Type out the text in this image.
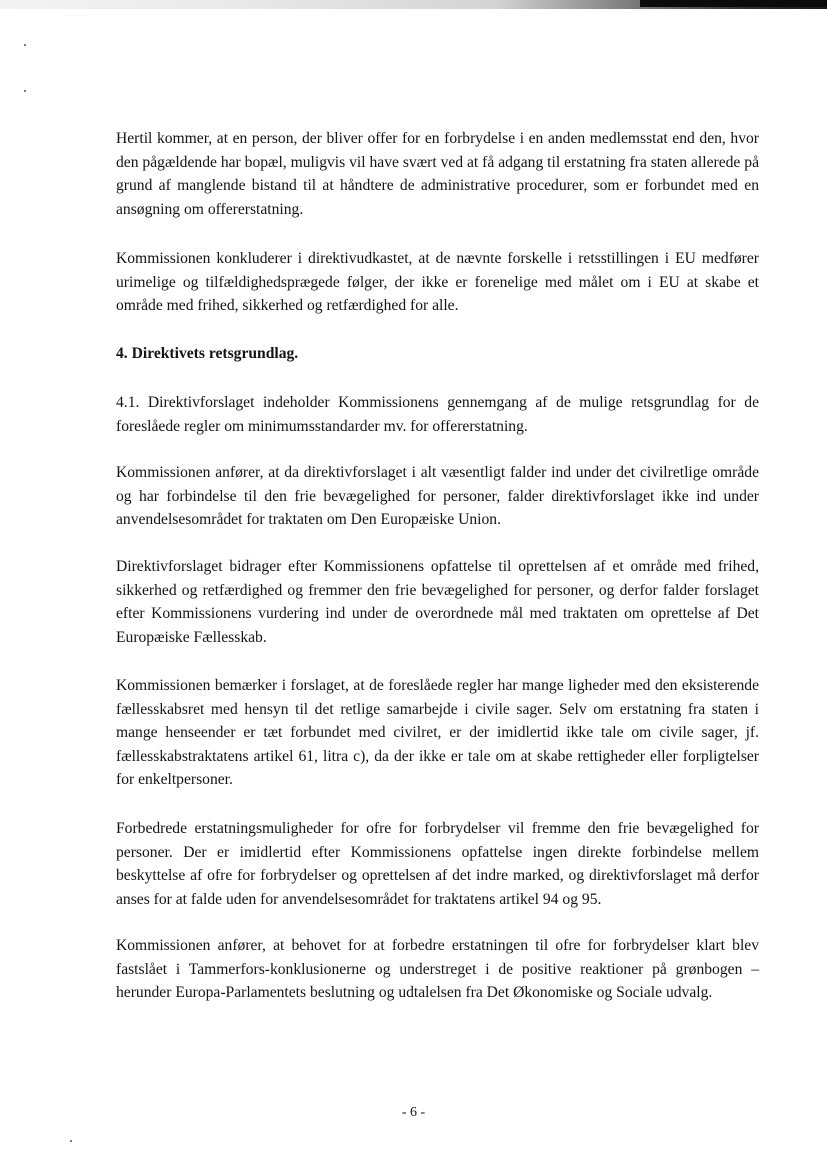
Hertil kommer, at en person, der bliver offer for en forbrydelse i en anden medlemsstat end den, hvor den pågældende har bopæl, muligvis vil have svært ved at få adgang til erstatning fra staten allerede på grund af manglende bistand til at håndtere de administrative procedurer, som er forbundet med en ansøgning om offererstatning.

Kommissionen konkluderer i direktivudkastet, at de nævnte forskelle i retsstillingen i EU medfører urimelige og tilfældighedsprægede følger, der ikke er forenelige med målet om i EU at skabe et område med frihed, sikkerhed og retfærdighed for alle.

4. Direktivets retsgrundlag.

4.1. Direktivforslaget indeholder Kommissionens gennemgang af de mulige retsgrundlag for de foreslåede regler om minimumsstandarder mv. for offererstatning.

Kommissionen anfører, at da direktivforslaget i alt væsentligt falder ind under det civilretlige område og har forbindelse til den frie bevægelighed for personer, falder direktivforslaget ikke ind under anvendelsesområdet for traktaten om Den Europæiske Union.

Direktivforslaget bidrager efter Kommissionens opfattelse til oprettelsen af et område med frihed, sikkerhed og retfærdighed og fremmer den frie bevægelighed for personer, og derfor falder forslaget efter Kommissionens vurdering ind under de overordnede mål med traktaten om oprettelse af Det Europæiske Fællesskab.

Kommissionen bemærker i forslaget, at de foreslåede regler har mange ligheder med den eksisterende fællesskabsret med hensyn til det retlige samarbejde i civile sager. Selv om erstatning fra staten i mange henseender er tæt forbundet med civilret, er der imidlertid ikke tale om civile sager, jf. fællesskabstraktatens artikel 61, litra c), da der ikke er tale om at skabe rettigheder eller forpligtelser for enkeltpersoner.

Forbedrede erstatningsmuligheder for ofre for forbrydelser vil fremme den frie bevægelighed for personer. Der er imidlertid efter Kommissionens opfattelse ingen direkte forbindelse mellem beskyttelse af ofre for forbrydelser og oprettelsen af det indre marked, og direktivforslaget må derfor anses for at falde uden for anvendelsesområdet for traktatens artikel 94 og 95.

Kommissionen anfører, at behovet for at forbedre erstatningen til ofre for forbrydelser klart blev fastslået i Tammerfors-konklusionerne og understreget i de positive reaktioner på grønbogen – herunder Europa-Parlamentets beslutning og udtalelsen fra Det Økonomiske og Sociale udvalg.

- 6 -
